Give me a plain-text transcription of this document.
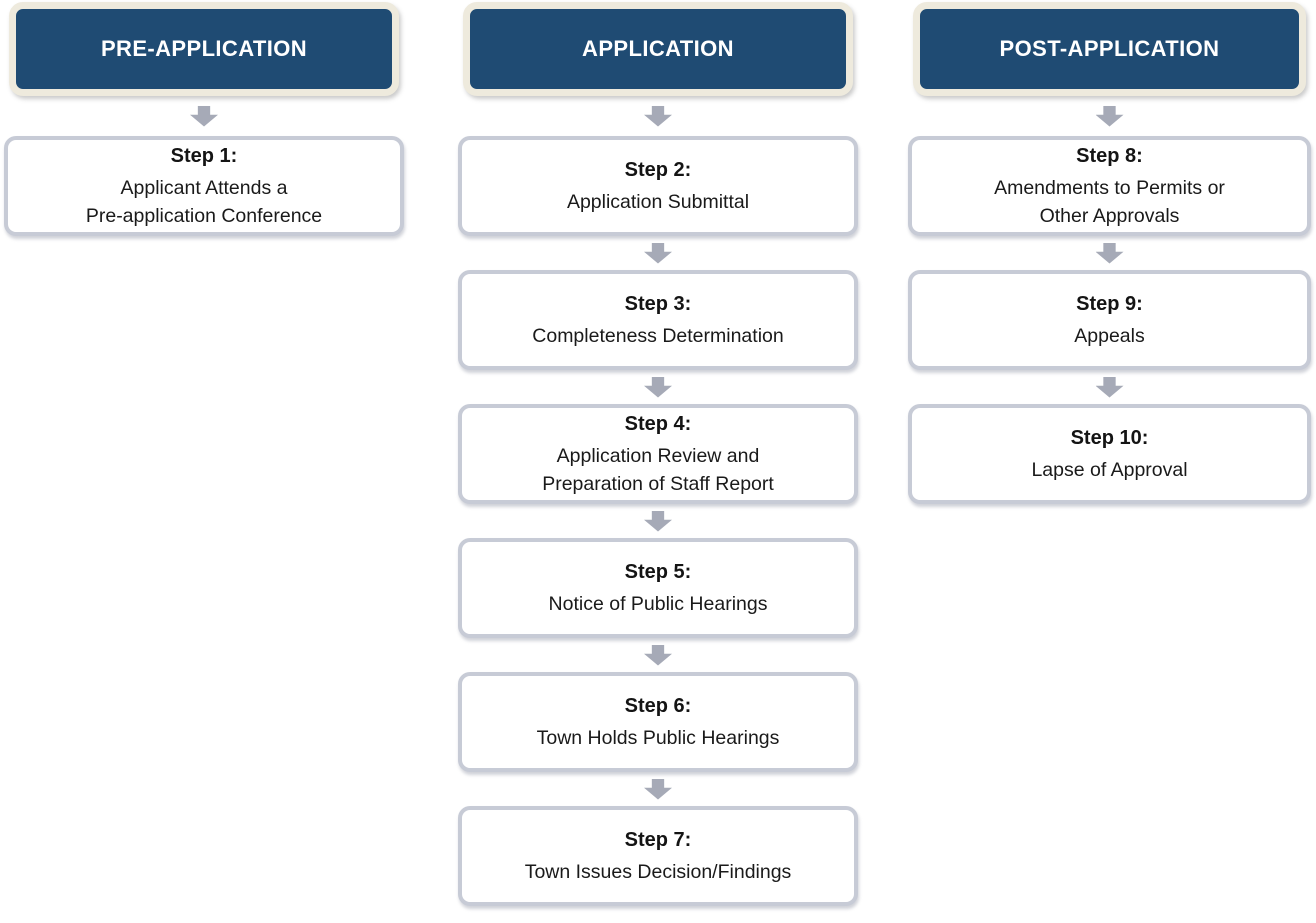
PRE-APPLICATION
Step 1:
Applicant Attends a
Pre-application Conference
APPLICATION
Step 2:
Application Submittal
Step 3:
Completeness Determination
Step 4:
Application Review and
Preparation of Staff Report
Step 5:
Notice of Public Hearings
Step 6:
Town Holds Public Hearings
Step 7:
Town Issues Decision/Findings
POST-APPLICATION
Step 8:
Amendments to Permits or
Other Approvals
Step 9:
Appeals
Step 10:
Lapse of Approval
